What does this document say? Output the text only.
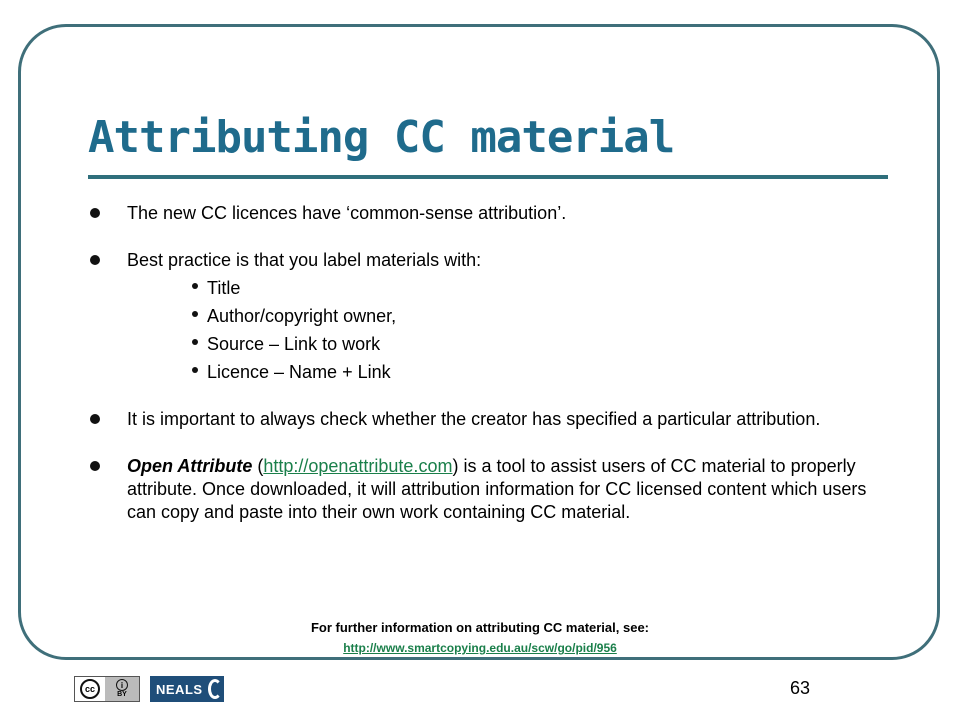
Attributing CC material
The new CC licences have ‘common-sense attribution’.
Best practice is that you label materials with:
Title
Author/copyright owner,
Source – Link to work
Licence – Name + Link
It is important to always check whether the creator has specified a particular attribution.
Open Attribute (http://openattribute.com) is a tool to assist users of CC material to properly attribute. Once downloaded, it will attribution information for CC licensed content which users can copy and paste into their own work containing CC material.

For further information on attributing CC material, see:

http://www.smartcopying.edu.au/scw/go/pid/956
cc	i
BY	NEALS	63
